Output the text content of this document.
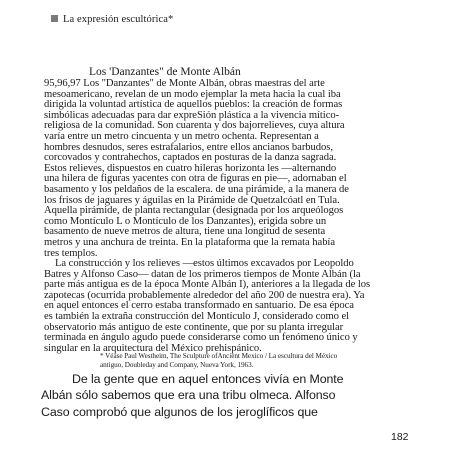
La expresión escultórica*
Los 'Danzantes" de Monte Albán
95,96,97 Los "Danzantes" de Monte Albán, obras maestras del arte
mesoamericano, revelan de un modo ejemplar la meta hacia la cual iba
dirigida la voluntad artística de aquellos pueblos: la creación de formas
simbólicas adecuadas para dar expreSión plástica a la vivencia mítico-
religiosa de la comunidad. Son cuarenta y dos bajorrelieves, cuya altura
varía entre un metro cincuenta y un metro ochenta. Representan a
hombres desnudos, seres estrafalarios, entre ellos ancianos barbudos,
corcovados y contrahechos, captados en posturas de la danza sagrada.
Estos relieves, dispuestos en cuatro hileras horizonta les —alternando
una hilera de figuras yacentes con otra de figuras en pie—, adornaban el
basamento y los peldaños de la escalera. de una pirámide, a la manera de
los frisos de jaguares y águilas en la Pirámide de Quetzalcóatl en Tula.
Aquella pirámide, de planta rectangular (designada por los arqueólogos
como Montículo L o Montículo de los Danzantes), erigida sobre un
basamento de nueve metros de altura, tiene una longitud de sesenta
metros y una anchura de treinta. En la plataforma que la remata había
tres templos.
La construcción y los relieves —estos últimos excavados por Leopoldo
Batres y Alfonso Caso— datan de los primeros tiempos de Monte Albán (la
parte más antigua es de la época Monte Albán I), anteriores a la llegada de los
zapotecas (ocurrida probablemente alrededor del año 200 de nuestra era). Ya
en aquel entonces el cerro estaba transformado en santuario. De esa época
es también la extraña construcción del Montículo J, considerado como el
observatorio más antiguo de este continente, que por su planta irregular
terminada en ángulo agudo puede considerarse como un fenómeno único y
singular en la arquitectura del México prehispánico.
* Véase Paul Westheim, The Sculpture ofAncient Mexico / La escultura del México
antiguo, Doubleday and Company, Nueva York, 1963.
De la gente que en aquel entonces vivía en Monte
Albán sólo sabemos que era una tribu olmeca. Alfonso
Caso comprobó que algunos de los jeroglíficos que
182
